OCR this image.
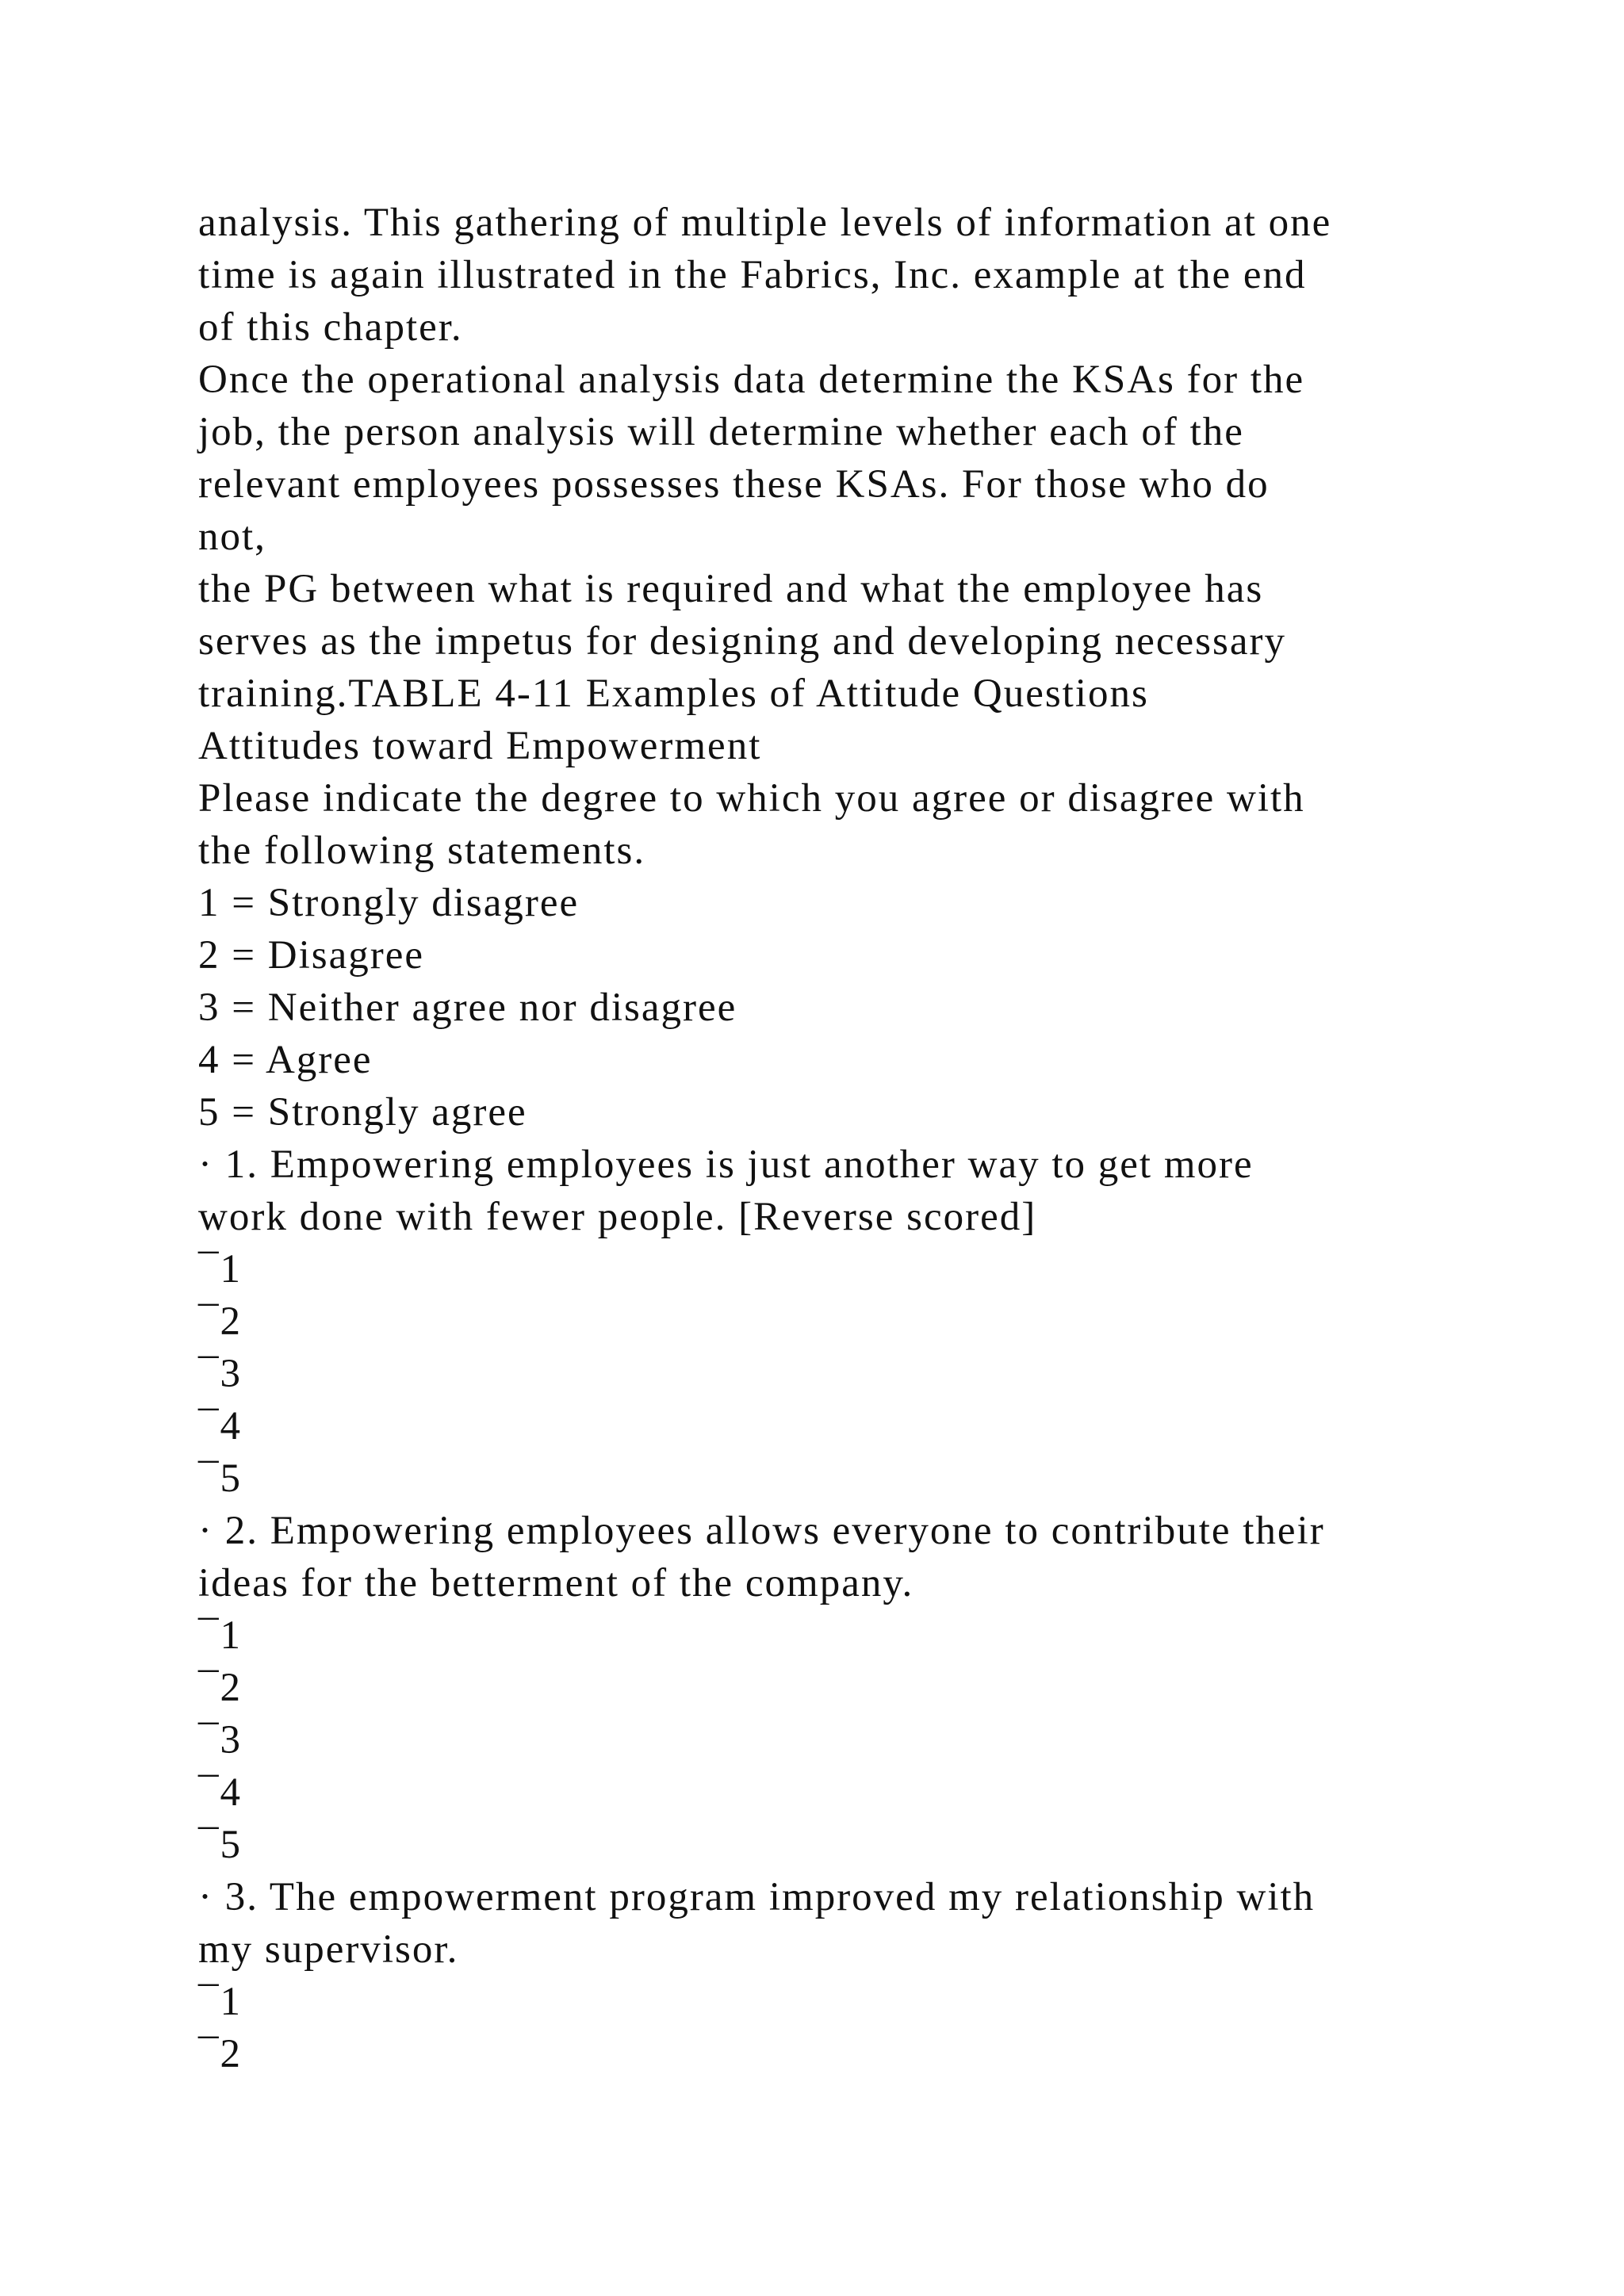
analysis. This gathering of multiple levels of information at one
time is again illustrated in the Fabrics, Inc. example at the end
of this chapter.
Once the operational analysis data determine the KSAs for the
job, the person analysis will determine whether each of the
relevant employees possesses these KSAs. For those who do
not,
the PG between what is required and what the employee has
serves as the impetus for designing and developing necessary
training.TABLE 4-11 Examples of Attitude Questions
Attitudes toward Empowerment
Please indicate the degree to which you agree or disagree with
the following statements.
1 = Strongly disagree
2 = Disagree
3 = Neither agree nor disagree
4 = Agree
5 = Strongly agree
· 1. Empowering employees is just another way to get more
work done with fewer people. [Reverse scored]
¯1
¯2
¯3
¯4
¯5
· 2. Empowering employees allows everyone to contribute their
ideas for the betterment of the company.
¯1
¯2
¯3
¯4
¯5
· 3. The empowerment program improved my relationship with
my supervisor.
¯1
¯2
